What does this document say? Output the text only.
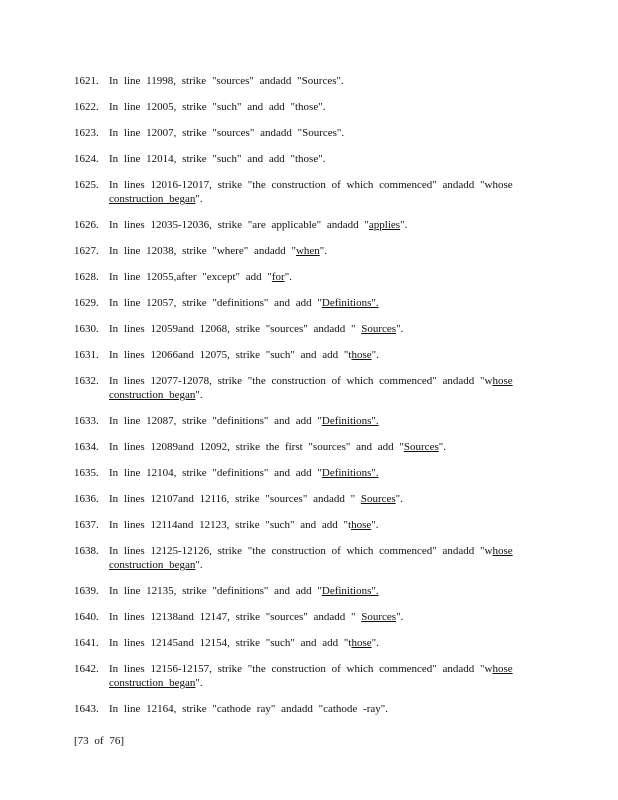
1621. In line 11998, strike "sources" andadd "Sources".
1622. In line 12005, strike "such" and add "those".
1623. In line 12007, strike "sources" andadd "Sources".
1624. In line 12014, strike "such" and add "those".
1625. In lines 12016-12017, strike "the construction of which commenced" andadd "whose
construction began".
1626. In lines 12035-12036, strike "are applicable" andadd "applies".
1627. In line 12038, strike "where" andadd "when".
1628. In line 12055,after "except" add "for".
1629. In line 12057, strike "definitions" and add "Definitions".
1630. In lines 12059and 12068, strike "sources" andadd " Sources".
1631. In lines 12066and 12075, strike "such" and add "those".
1632. In lines 12077-12078, strike "the construction of which commenced" andadd "whose
construction began".
1633. In line 12087, strike "definitions" and add "Definitions".
1634. In lines 12089and 12092, strike the first "sources" and add "Sources".
1635. In line 12104, strike "definitions" and add "Definitions".
1636. In lines 12107and 12116, strike "sources" andadd " Sources".
1637. In lines 12114and 12123, strike "such" and add "those".
1638. In lines 12125-12126, strike "the construction of which commenced" andadd "whose
construction began".
1639. In line 12135, strike "definitions" and add "Definitions".
1640. In lines 12138and 12147, strike "sources" andadd " Sources".
1641. In lines 12145and 12154, strike "such" and add "those".
1642. In lines 12156-12157, strike "the construction of which commenced" andadd "whose
construction began".
1643. In line 12164, strike "cathode ray" andadd "cathode -ray".
[73 of 76]
